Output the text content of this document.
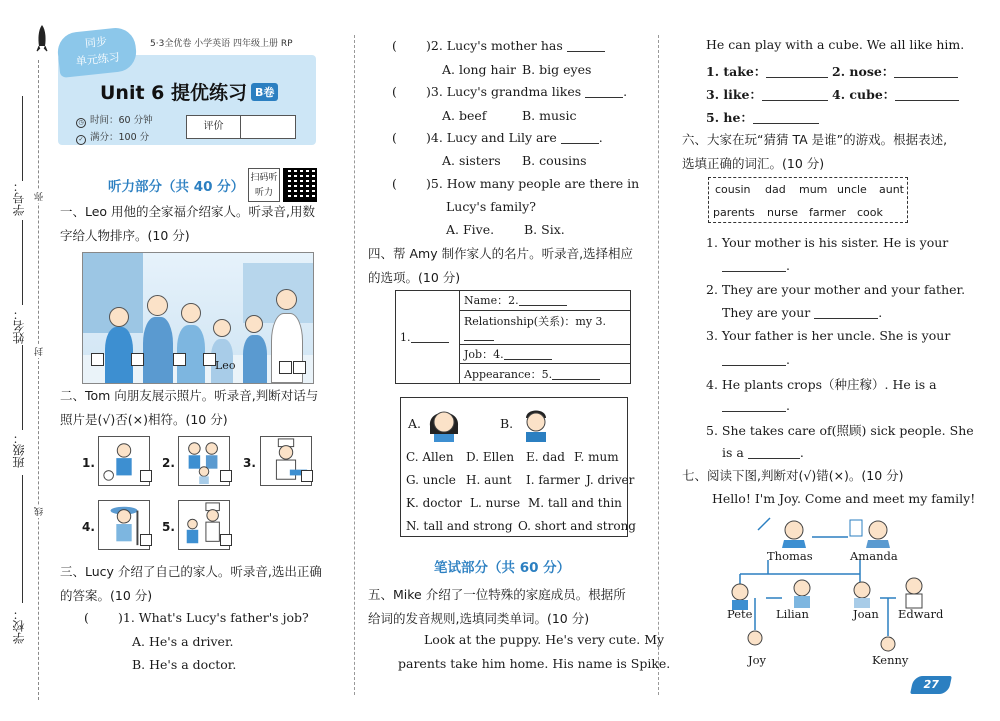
学号：
姓名：
班级：
学校：
弥
封
线
同步
单元练习
5·3全优卷 小学英语 四年级上册 RP
Unit 6 提优练习 B卷
◷ 时间：60 分钟
✓ 满分：100 分
评价
听力部分（共 40 分）
扫码听听力
一、Leo 用他的全家福介绍家人。听录音,用数字给人物排序。(10 分)
Leo
二、Tom 向朋友展示照片。听录音,判断对话与照片是(√)否(×)相符。(10 分)
1.	2.	3.
4.	5.
三、Lucy 介绍了自己的家人。听录音,选出正确的答案。(10 分)
( )1. What's Lucy's father's job?
A. He's a driver.
B. He's a doctor.
( )2. Lucy's mother has
A. long hair B. big eyes
( )3. Lucy's grandma likes	.
A. beef	B. music
( )4. Lucy and Lily are	.
A. sisters B. cousins
( )5. How many people are there in
Lucy's family?
A. Five. B. Six.
四、帮 Amy 制作家人的名片。听录音,选择相应的选项。(10 分)
1.	Name：2.
Relationship(关系)：my 3.
Job：4.
Appearance：5.
A.	B.
C. Allen D. Ellen E. dad F. mum
G. uncle H. aunt I. farmer J. driver
K. doctor L. nurse M. tall and thin
N. tall and strong O. short and strong
笔试部分（共 60 分）
五、Mike 介绍了一位特殊的家庭成员。根据所给词的发音规则,选填同类单词。(10 分)
Look at the puppy. He's very cute. My
parents take him home. His name is Spike.
He can play with a cube. We all like him.
1. take：	2. nose：
3. like：	4. cube：
5. he：
六、大家在玩“猜猜 TA 是谁”的游戏。根据表述,选填正确的词汇。(10 分)
cousin dad mum uncle aunt
parents nurse farmer cook
1. Your mother is his sister. He is your
.
2. They are your mother and your father.
They are your	.
3. Your father is her uncle. She is your
.
4. He plants crops（种庄稼）. He is a
.
5. She takes care of(照顾) sick people. She
is a	.
七、阅读下图,判断对(√)错(×)。(10 分)
Hello! I'm Joy. Come and meet my family!
Thomas	Amanda
Pete Lilian	Joan Edward
Joy	Kenny
27
